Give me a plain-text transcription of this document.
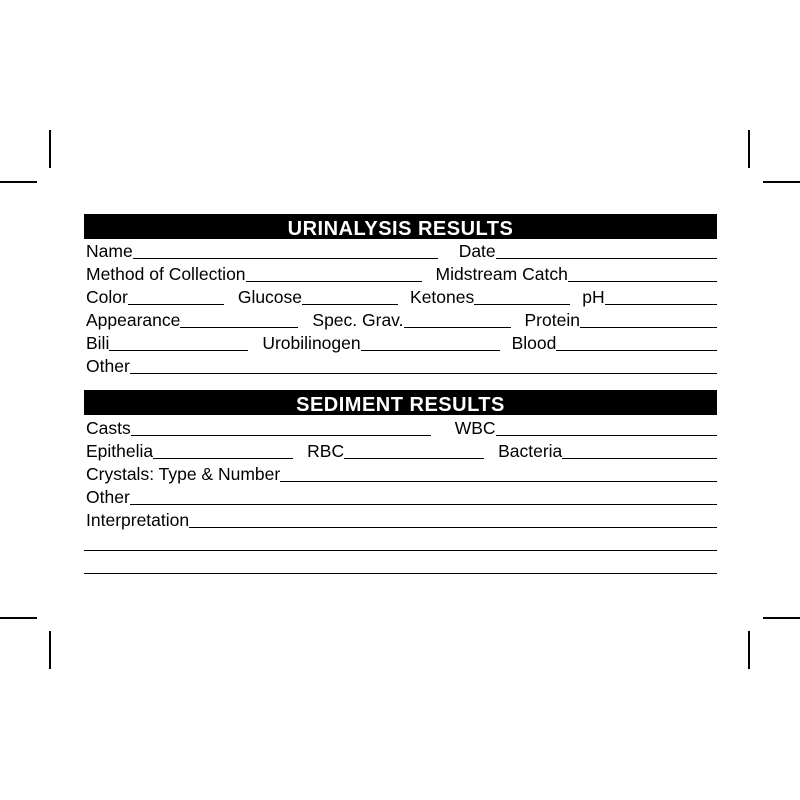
URINALYSIS RESULTS
Name	Date
Method of Collection	Midstream Catch
Color	Glucose	Ketones	pH
Appearance	Spec. Grav.	Protein
Bili	Urobilinogen	Blood
Other
SEDIMENT RESULTS
Casts	WBC
Epithelia	RBC	Bacteria
Crystals: Type & Number
Other
Interpretation
